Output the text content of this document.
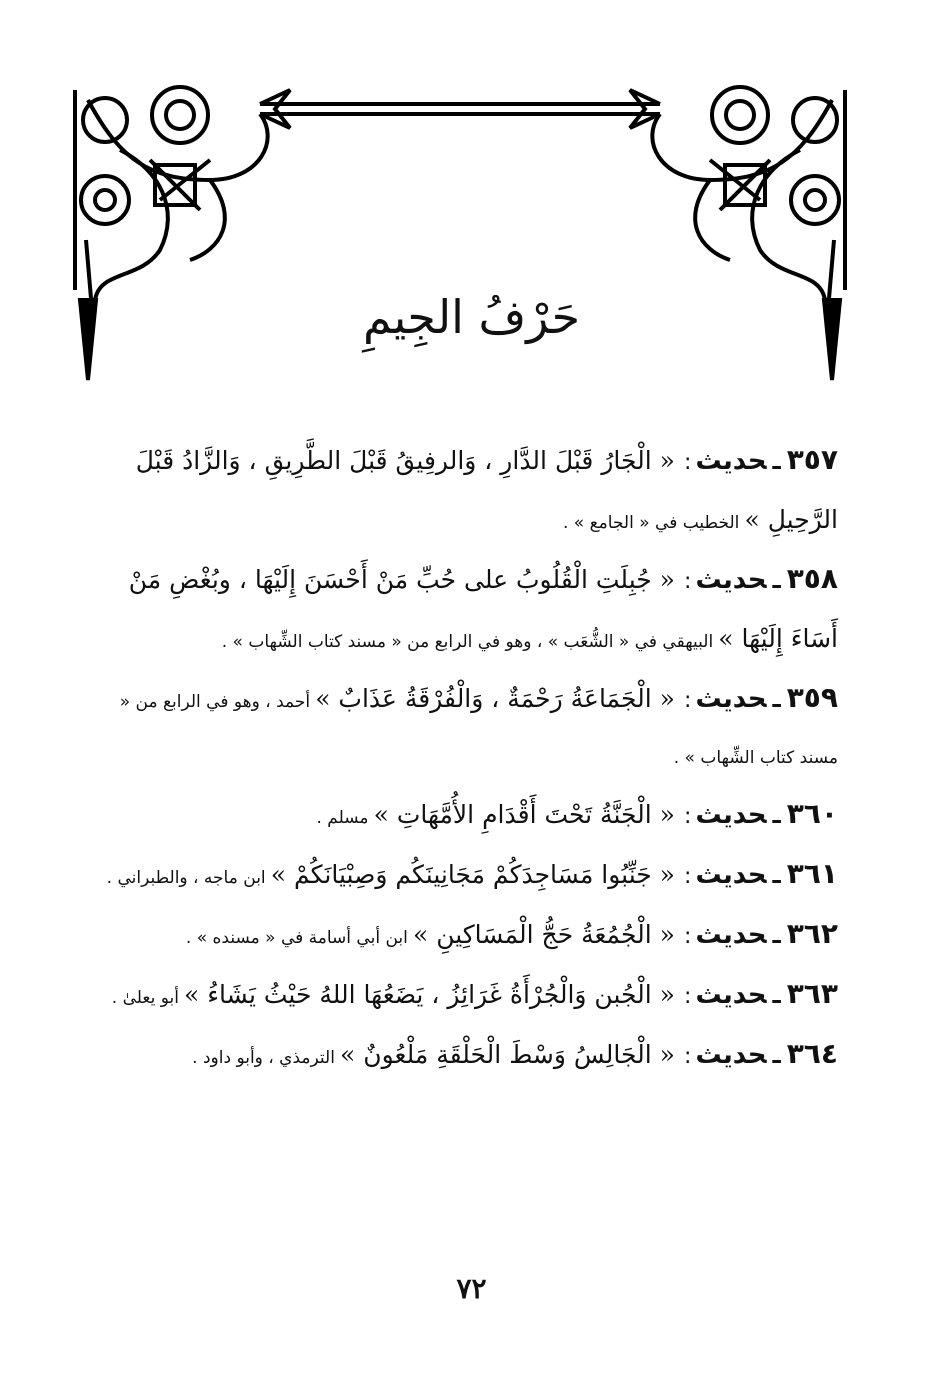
حَرْفُ الجِيمِ

٣٥٧ـحديث: « الْجَارُ قَبْلَ الدَّارِ ، وَالرفِيقُ قَبْلَ الطَّرِيقِ ، وَالزَّادُ قَبْلَ الرَّحِيلِ » الخطيب في « الجامع » .

٣٥٨ـحديث: « جُبِلَتِ الْقُلُوبُ على حُبِّ مَنْ أَحْسَنَ إِلَيْهَا ، وبُغْضِ مَنْ أَسَاءَ إِلَيْهَا » البيهقي في « الشُّعَب » ، وهو في الرابع من « مسند كتاب الشِّهاب » .

٣٥٩ـحديث: « الْجَمَاعَةُ رَحْمَةٌ ، وَالْفُرْقَةُ عَذَابٌ » أحمد ، وهو في الرابع من « مسند كتاب الشِّهاب » .

٣٦٠ـحديث: « الْجَنَّةُ تَحْتَ أَقْدَامِ الأُمَّهَاتِ » مسلم .

٣٦١ـحديث: « جَنِّبُوا مَسَاجِدَكُمْ مَجَانِينَكُم وَصِبْيَانَكُمْ » ابن ماجه ، والطبراني .

٣٦٢ـحديث: « الْجُمُعَةُ حَجُّ الْمَسَاكِينِ » ابن أبي أسامة في « مسنده » .

٣٦٣ـحديث: « الْجُبن وَالْجُرْأَةُ غَرَائِزُ ، يَضَعُهَا اللهُ حَيْثُ يَشَاءُ » أبو يعلىٰ .

٣٦٤ـحديث: « الْجَالِسُ وَسْطَ الْحَلْقَةِ مَلْعُونٌ » الترمذي ، وأبو داود .

٧٢
